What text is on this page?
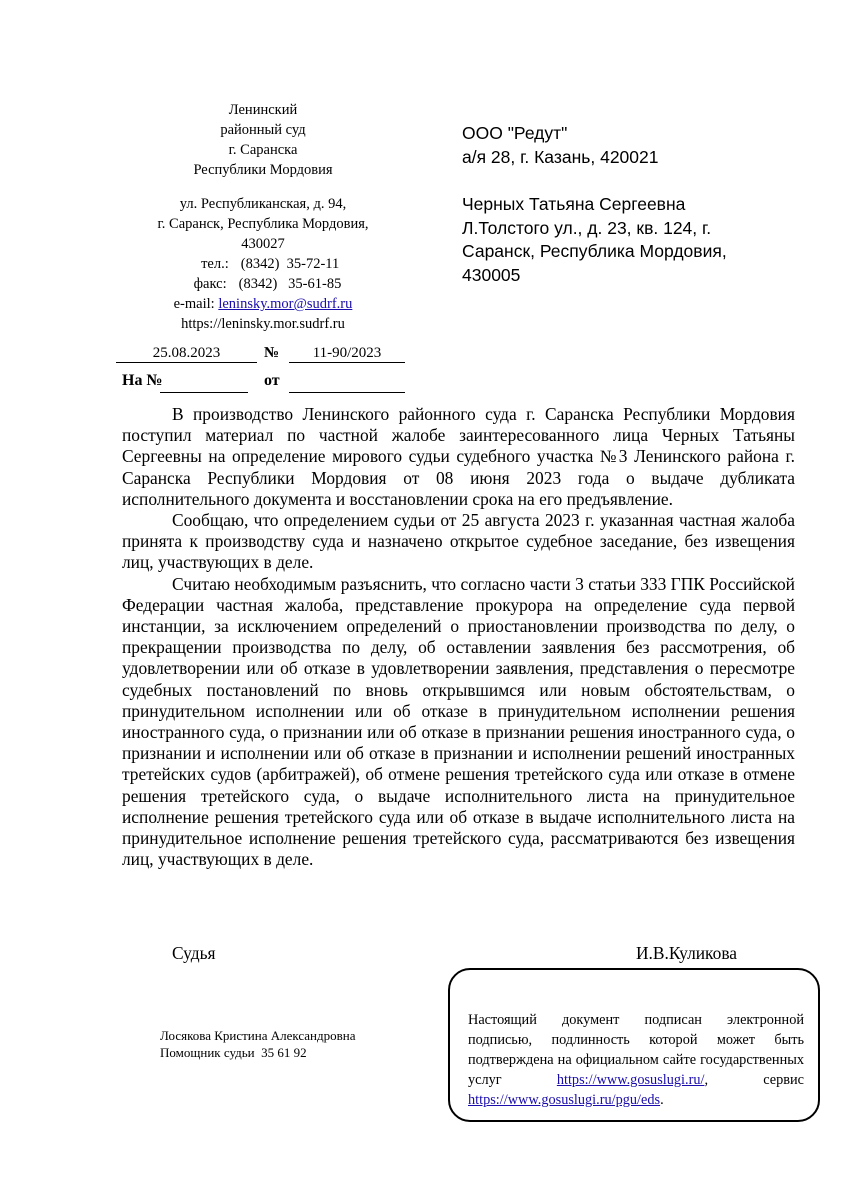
Ленинский
районный суд
г. Саранска
Республики Мордовия
ул. Республиканская, д. 94,
г. Саранск, Республика Мордовия,
430027
тел.: (8342)  35-72-11
факс: (8342)   35-61-85
e-mail: leninsky.mor@sudrf.ru
https://leninsky.mor.sudrf.ru
ООО "Редут"
а/я 28, г. Казань, 420021
Черных Татьяна Сергеевна
Л.Толстого ул., д. 23, кв. 124, г.
Саранск, Республика Мордовия,
430005
25.08.2023	№	11-90/2023
На №	от

В производство Ленинского районного суда г. Саранска Республики Мордовия поступил материал по частной жалобе заинтересованного лица Черных Татьяны Сергеевны на определение мирового судьи судебного участка №3 Ленинского района г. Саранска Республики Мордовия от 08 июня 2023 года о выдаче дубликата исполнительного документа и восстановлении срока на его предъявление.

Сообщаю, что определением судьи от 25 августа 2023 г. указанная частная жалоба принята к производству суда и назначено открытое судебное заседание, без извещения лиц, участвующих в деле.

Считаю необходимым разъяснить, что согласно части 3 статьи 333 ГПК Российской Федерации частная жалоба, представление прокурора на определение суда первой инстанции, за исключением определений о приостановлении производства по делу, о прекращении производства по делу, об оставлении заявления без рассмотрения, об удовлетворении или об отказе в удовлетворении заявления, представления о пересмотре судебных постановлений по вновь открывшимся или новым обстоятельствам, о принудительном исполнении или об отказе в принудительном исполнении решения иностранного суда, о признании или об отказе в признании решения иностранного суда, о признании и исполнении или об отказе в признании и исполнении решений иностранных третейских судов (арбитражей), об отмене решения третейского суда или отказе в отмене решения третейского суда, о выдаче исполнительного листа на принудительное исполнение решения третейского суда или об отказе в выдаче исполнительного листа на принудительное исполнение решения третейского суда, рассматриваются без извещения лиц, участвующих в деле.

Судья	И.В.Куликова
Лосякова Кристина Александровна
Помощник судьи  35 61 92
Настоящий документ подписан электронной подписью, подлинность которой может быть подтверждена на официальном сайте государственных услуг	https://www.gosuslugi.ru/,	сервис https://www.gosuslugi.ru/pgu/eds.
